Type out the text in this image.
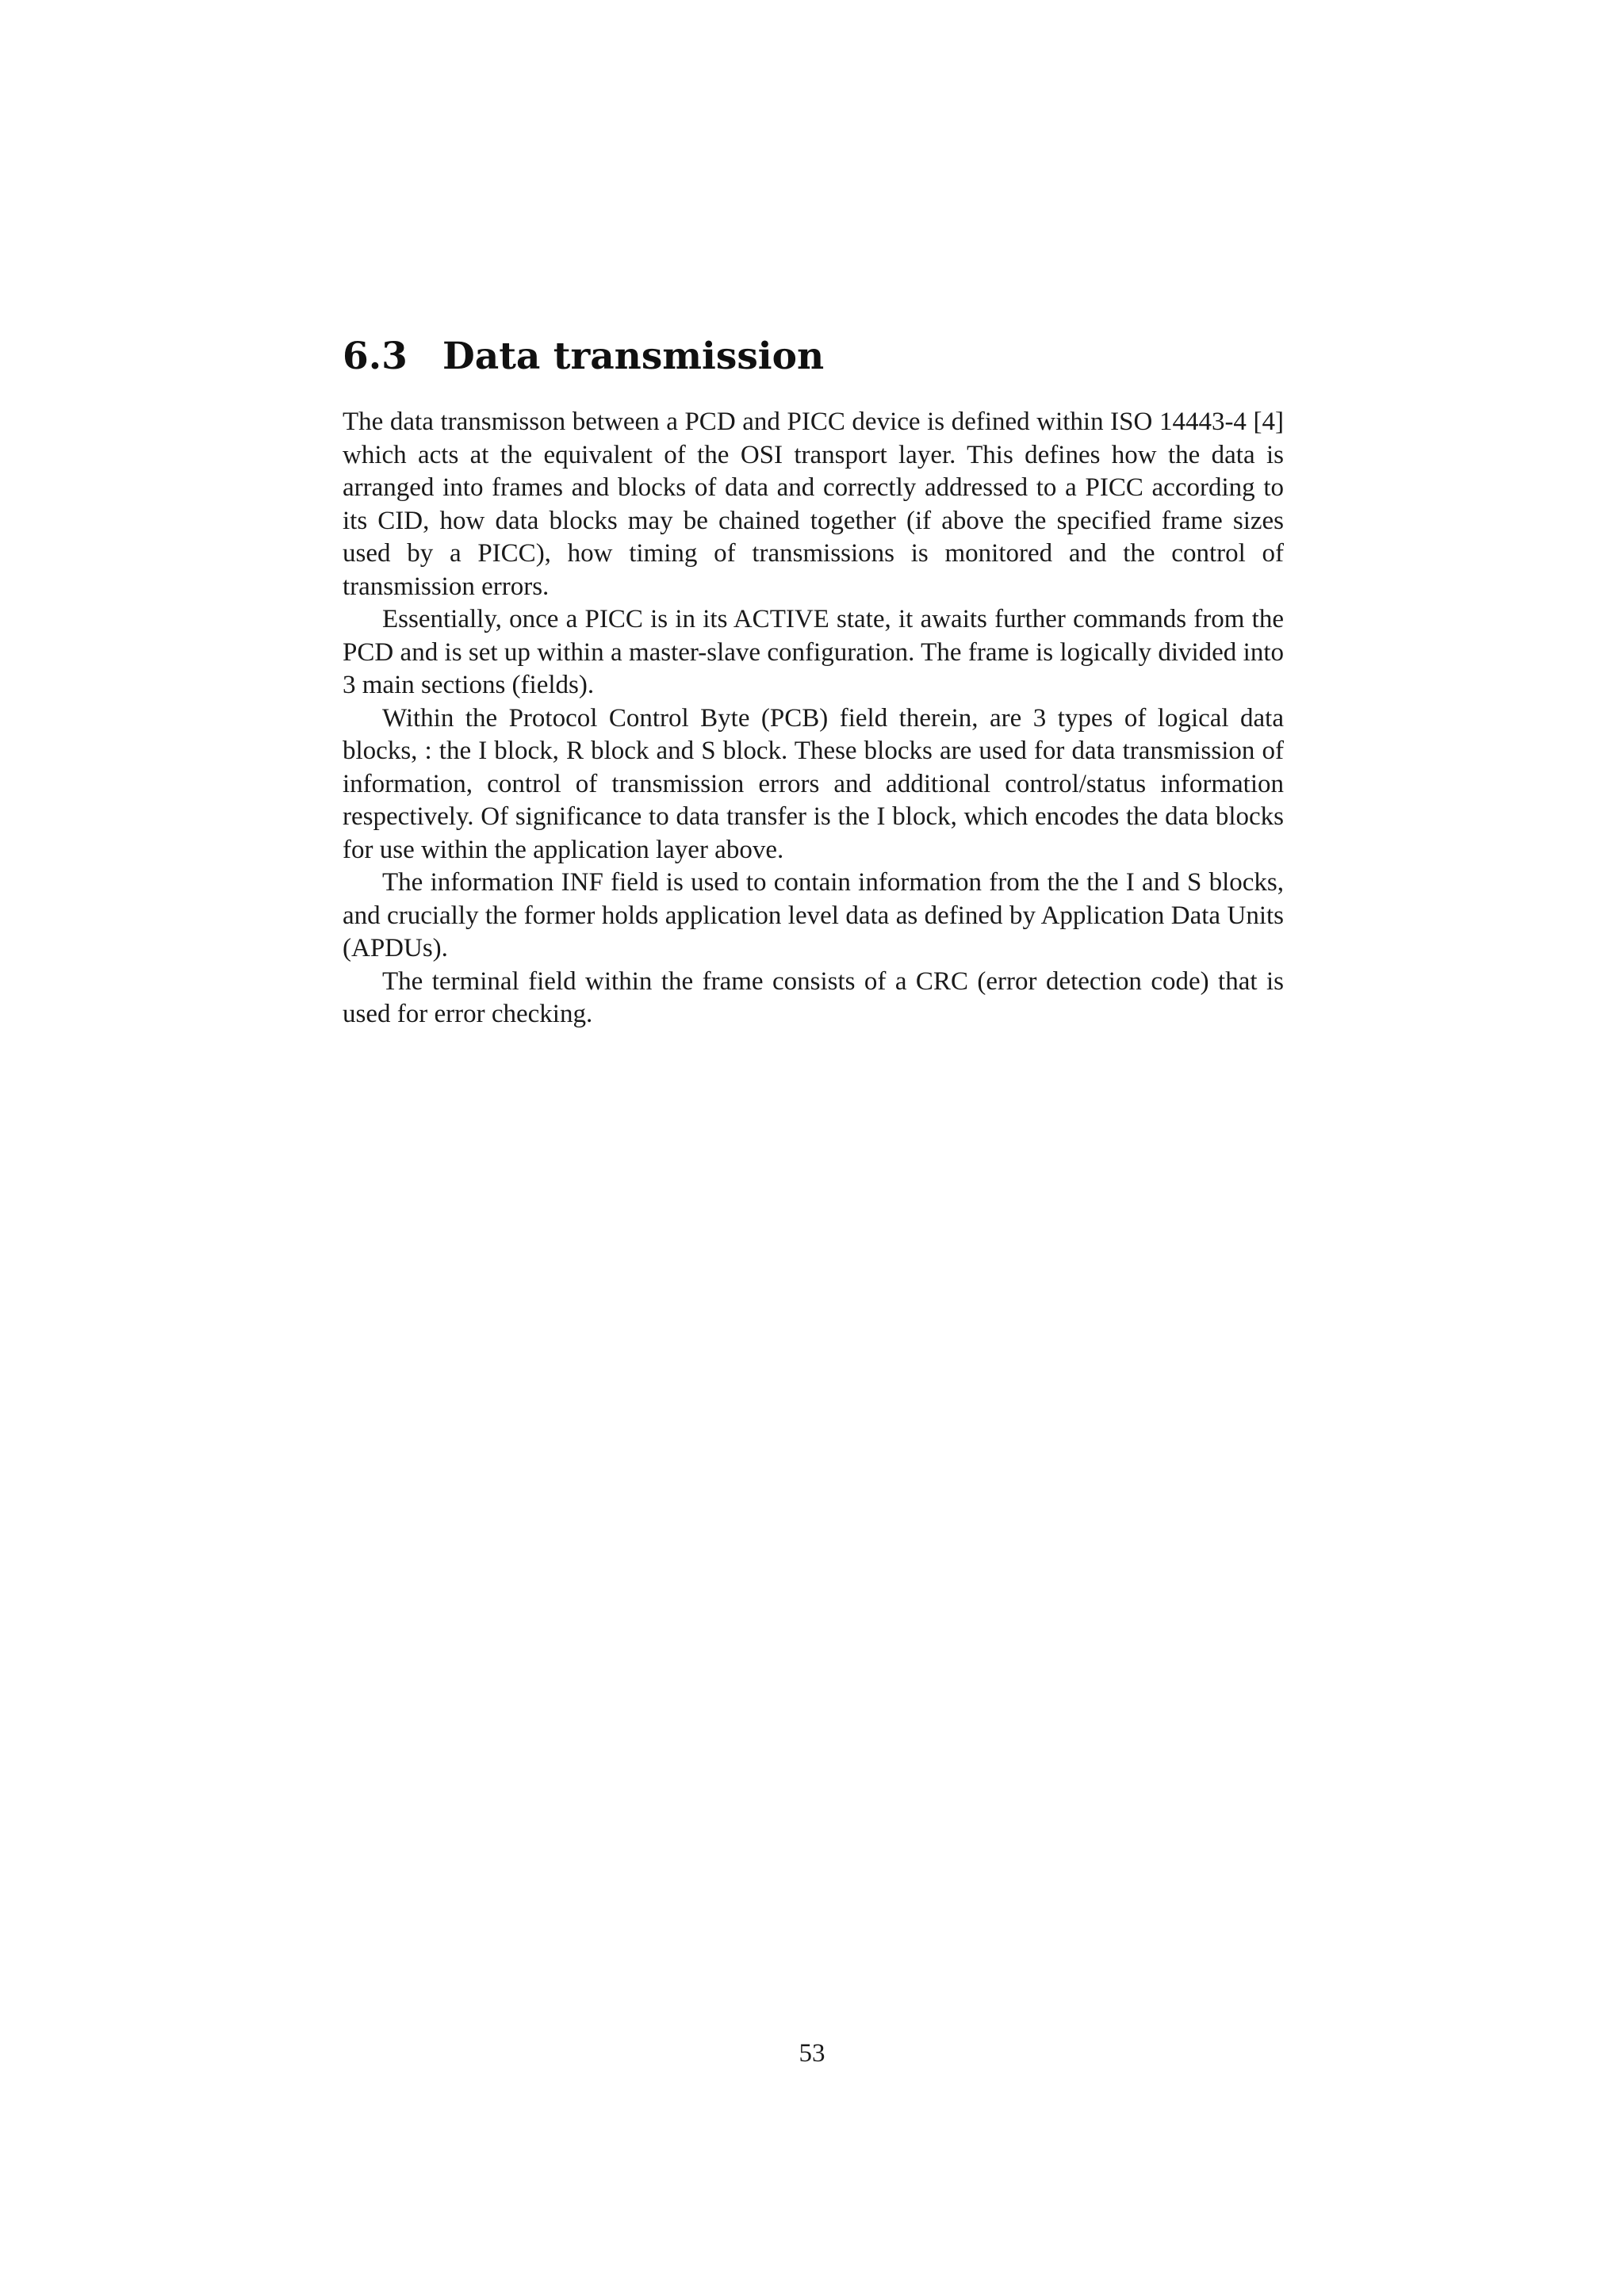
6.3 Data transmission

The data transmisson between a PCD and PICC device is defined within ISO 14443-4 [4] which acts at the equivalent of the OSI transport layer. This defines how the data is arranged into frames and blocks of data and correctly addressed to a PICC according to its CID, how data blocks may be chained together (if above the specified frame sizes used by a PICC), how timing of transmissions is monitored and the control of transmission errors.

Essentially, once a PICC is in its ACTIVE state, it awaits further commands from the PCD and is set up within a master-slave configuration. The frame is logically divided into 3 main sections (fields).

Within the Protocol Control Byte (PCB) field therein, are 3 types of logical data blocks, : the I block, R block and S block. These blocks are used for data transmission of information, control of transmission errors and additional control/status information respectively. Of significance to data transfer is the I block, which encodes the data blocks for use within the application layer above.

The information INF field is used to contain information from the the I and S blocks, and crucially the former holds application level data as defined by Application Data Units (APDUs).

The terminal field within the frame consists of a CRC (error detection code) that is used for error checking.

53
